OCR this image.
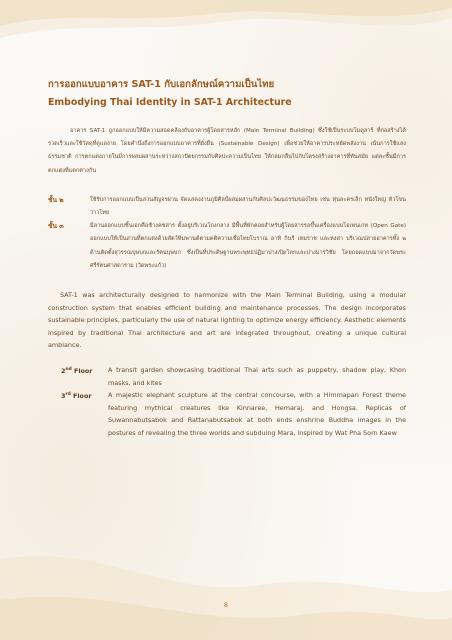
การออกแบบอาคาร SAT-1 กับเอกลักษณ์ความเป็นไทย
Embodying Thai Identity in SAT-1 Architecture

อาคาร SAT-1 ถูกออกแบบให้มีความสอดคล้องกับอาคารผู้โดยสารหลัก (Main Terminal Building) ซึ่งใช้เป็นระบบโมดูลาร์ ที่ก่อสร้างได้รวดเร็วและใช้วัสดุที่ดูแลง่าย โดยคำนึงถึงการออกแบบอาคารที่ยั่งยืน (Sustainable Design) เพื่อช่วยให้อาคารประหยัดพลังงาน เน้นการใช้แสงธรรมชาติ การตกแต่งภายในมีการผสมผสานระหว่างสถาปัตยกรรมกับศิลปะความเป็นไทย ให้กลมกลืนไปกับโครงสร้างอาคารที่ทันสมัย แต่ละชั้นมีการตกแต่งที่แตกต่างกัน

ชั้น ๒	ใช้รับการออกแบบเป็นสวนสัญจรผ่าน จัดแสดงงานภูมิศิลป์ผสมผสานกับศิลปะวัฒนธรรมของไทย เช่น หุ่นละครเล็ก หนังใหญ่ หัวโขน ว่าวไทย
ชั้น ๓	มีลานออกแบบชิ้นเอกคือช้างคชสาร ตั้งอยู่บริเวณโถงกลาง มีพื้นที่พักคอยสำหรับผู้โดยสารรอขึ้นเครื่องแบบโอเพ่นเกท (Open Gate) ออกแบบให้เป็นสวนที่ตกแต่งด้วยสัตว์หิมพานต์ตามคติความเชื่อไทยโบราณ อาทิ กินรี เหมราช และหงสา บริเวณปลายอาคารทั้ง ๒ ด้านติดตั้งสุวรรณบุษบกและรัตนบุษบก ซึ่งเป็นที่ประดิษฐานพระพุทธปฏิมาปางเปิดโลกและปางมารวิชัย โดยถอดแบบมาจากวัดพระศรีรัตนศาสดาราม (วัดพระแก้ว)

SAT-1 was architecturally designed to harmonize with the Main Terminal Building, using a modular construction system that enables efficient building and maintenance processes. The design incorporates sustainable principles, particularly the use of natural lighting to optimize energy efficiency. Aesthetic elements inspired by traditional Thai architecture and art are integrated throughout, creating a unique cultural ambiance.

2nd Floor	A transit garden showcasing traditional Thai arts such as puppetry, shadow play, Khon masks, and kites
3rd Floor	A majestic elephant sculpture at the central concourse, with a Himmapan Forest theme featuring mythical creatures like Kinnaree, Hemaraj, and Hongsa. Replicas of Suwannabutsabok and Rattanabutsabok at both ends enshrine Buddha images in the postures of revealing the three worlds and subduing Mara, inspired by Wat Pha Sorn Kaew
8
